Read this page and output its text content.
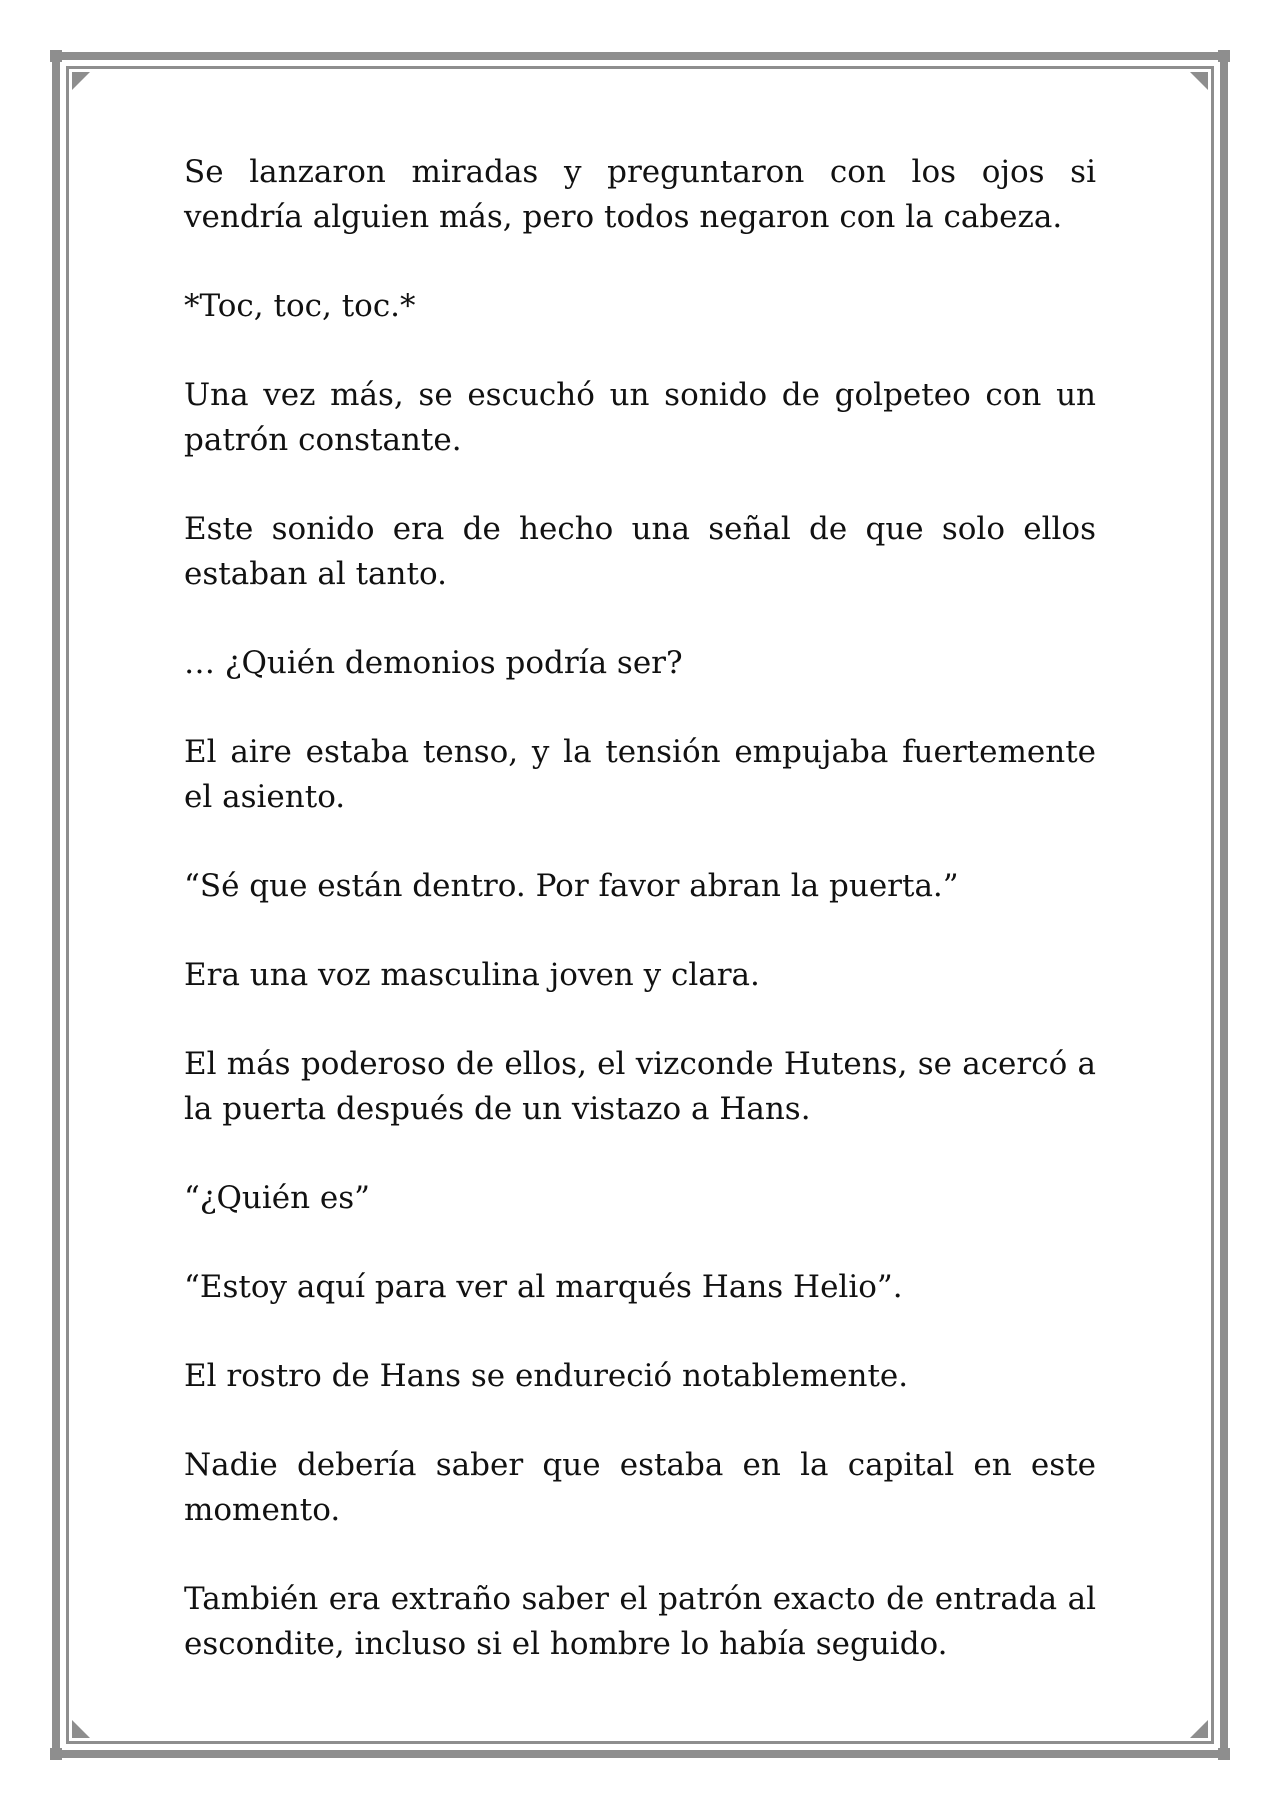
Se lanzaron miradas y preguntaron con los ojos si vendría alguien más, pero todos negaron con la cabeza.

*Toc, toc, toc.*

Una vez más, se escuchó un sonido de golpeteo con un patrón constante.

Este sonido era de hecho una señal de que solo ellos estaban al tanto.

… ¿Quién demonios podría ser?

El aire estaba tenso, y la tensión empujaba fuertemente el asiento.

“Sé que están dentro. Por favor abran la puerta.”

Era una voz masculina joven y clara.

El más poderoso de ellos, el vizconde Hutens, se acercó a la puerta después de un vistazo a Hans.

“¿Quién es”

“Estoy aquí para ver al marqués Hans Helio”.

El rostro de Hans se endureció notablemente.

Nadie debería saber que estaba en la capital en este momento.

También era extraño saber el patrón exacto de entrada al escondite, incluso si el hombre lo había seguido.
